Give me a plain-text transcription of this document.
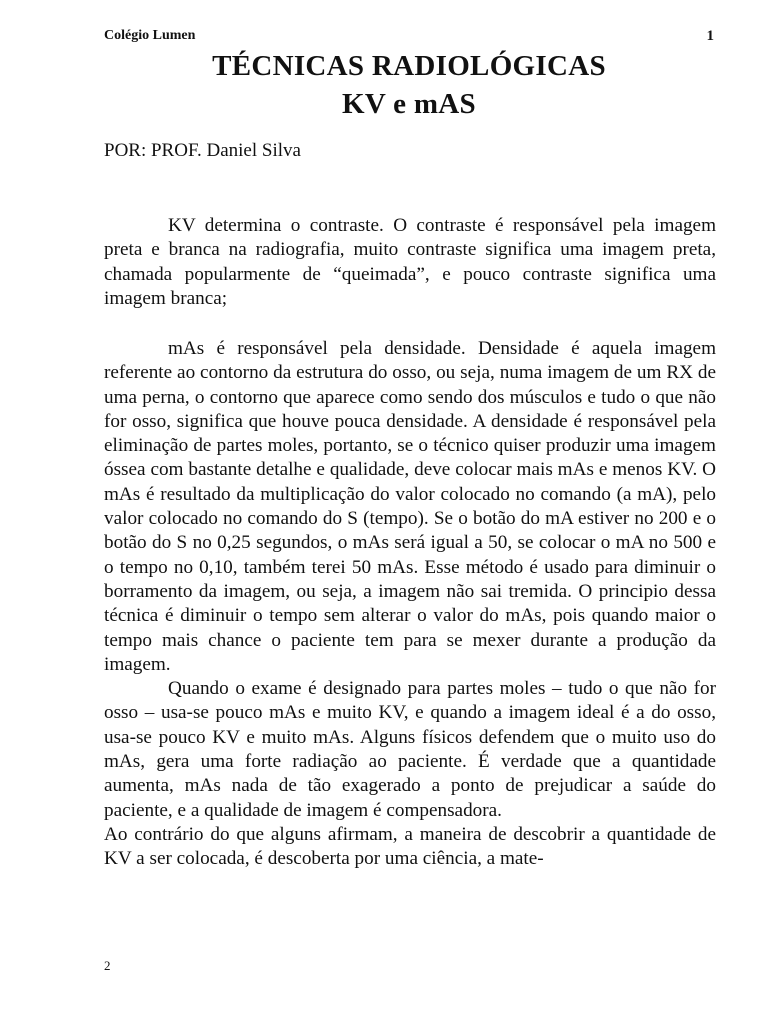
Colégio Lumen	1
TÉCNICAS RADIOLÓGICAS
KV e mAS
POR: PROF. Daniel Silva

KV determina o contraste. O contraste é responsável pela imagem preta e branca na radiografia, muito contraste significa uma imagem preta, chamada popularmente de “queimada”, e pouco contraste significa uma imagem branca;

mAs é responsável pela densidade. Densidade é aquela imagem referente ao contorno da estrutura do osso, ou seja, numa imagem de um RX de uma perna, o contorno que aparece como sendo dos músculos e tudo o que não for osso, significa que houve pouca densidade. A densidade é responsável pela eliminação de partes moles, portanto, se o técnico quiser produzir uma imagem óssea com bastante detalhe e qualidade, deve colocar mais mAs e menos KV. O mAs é resultado da multiplicação do valor colocado no comando (a mA), pelo valor colocado no comando do S (tempo). Se o botão do mA estiver no 200 e o botão do S no 0,25 segundos, o mAs será igual a 50, se colocar o mA no 500 e o tempo no 0,10, também terei 50 mAs. Esse método é usado para diminuir o borramento da imagem, ou seja, a imagem não sai tremida. O principio dessa técnica é diminuir o tempo sem alterar o valor do mAs, pois quando maior o tempo mais chance o paciente tem para se mexer durante a produção da imagem.

Quando o exame é designado para partes moles – tudo o que não for osso – usa-se pouco mAs e muito KV, e quando a imagem ideal é a do osso, usa-se pouco KV e muito mAs. Alguns físicos defendem que o muito uso do mAs, gera uma forte radiação ao paciente. É verdade que a quantidade aumenta, mAs nada de tão exagerado a ponto de prejudicar a saúde do paciente, e a qualidade de imagem é compensadora.

Ao contrário do que alguns afirmam, a maneira de descobrir a quantidade de KV a ser colocada, é descoberta por uma ciência, a mate-

2
